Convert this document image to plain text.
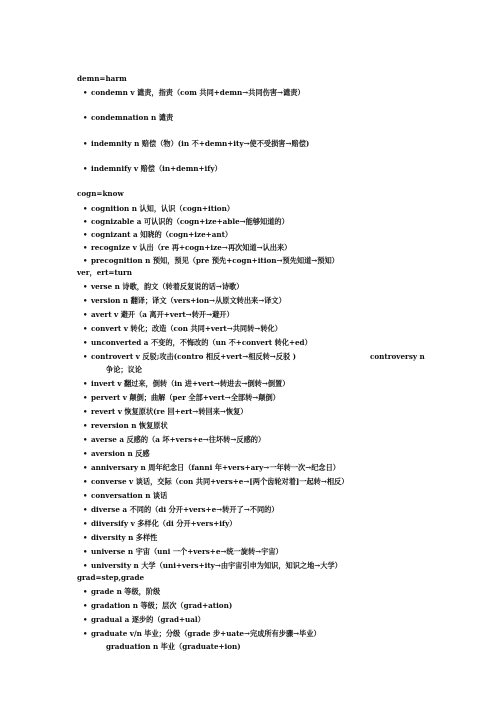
demn=harm
• condemn v 谴责，指责（com 共同+demn→共同伤害→谴责）
• condemnation n 谴责
• indemnity n 赔偿（物）(in 不+demn+ity→使不受损害→赔偿)
• indemnify v 赔偿（in+demn+ify）
cogn=know
• cognition n 认知，认识（cogn+ition）
• cognizable a 可认识的（cogn+ize+able→能够知道的）
• cognizant a 知晓的（cogn+ize+ant）
• recognize v 认出（re 再+cogn+ize→再次知道→认出来）
• precognition n 预知，预见（pre 预先+cogn+ition→预先知道→预知）
ver，ert=turn
• verse n 诗歌，韵文（转着反复说的话→诗歌）
• version n 翻译；译文（vers+ion→从原文转出来→译文）
• avert v 避开（a 离开+vert→转开→避开）
• convert v 转化；改造（con 共同+vert→共同转→转化）
• unconverted a 不变的，不悔改的（un 不+convert 转化+ed）
• controvert v 反驳;攻击(contro 相反+vert→相反转→反驳 )	controversy n
争论；议论
• invert v 翻过来，倒转（in 进+vert→转进去→倒转→倒置）
• pervert v 颠倒；曲解（per 全部+vert→全部转→颠倒）
• revert v 恢复原状(re 回+ert→转回来→恢复）
• reversion n 恢复原状
• averse a 反感的（a 坏+vers+e→往坏转→反感的）
• aversion n 反感
• anniversary n 周年纪念日（fanni 年+vers+ary→一年转一次→纪念日）
• converse v 谈话，交际（con 共同+vers+e→[两个齿轮对着]一起转→相反）
• conversation n 谈话
• diverse a 不同的（di 分开+vers+e→转开了→不同的）
• diiversify v 多样化（di 分开+vers+ify）
• diversity n 多样性
• universe n 宇宙（uni 一个+vers+e→统一旋转→宇宙）
• university n 大学（uni+vers+ity→由宇宙引申为知识，知识之地→大学）
grad=step,grade
• grade n 等级，阶级
• gradation n 等级；层次（grad+ation)
• gradual a 逐步的（grad+ual）
• graduate v/n 毕业；分级（grade 步+uate→完成所有步骤→毕业）
graduation n 毕业（graduate+ion)
